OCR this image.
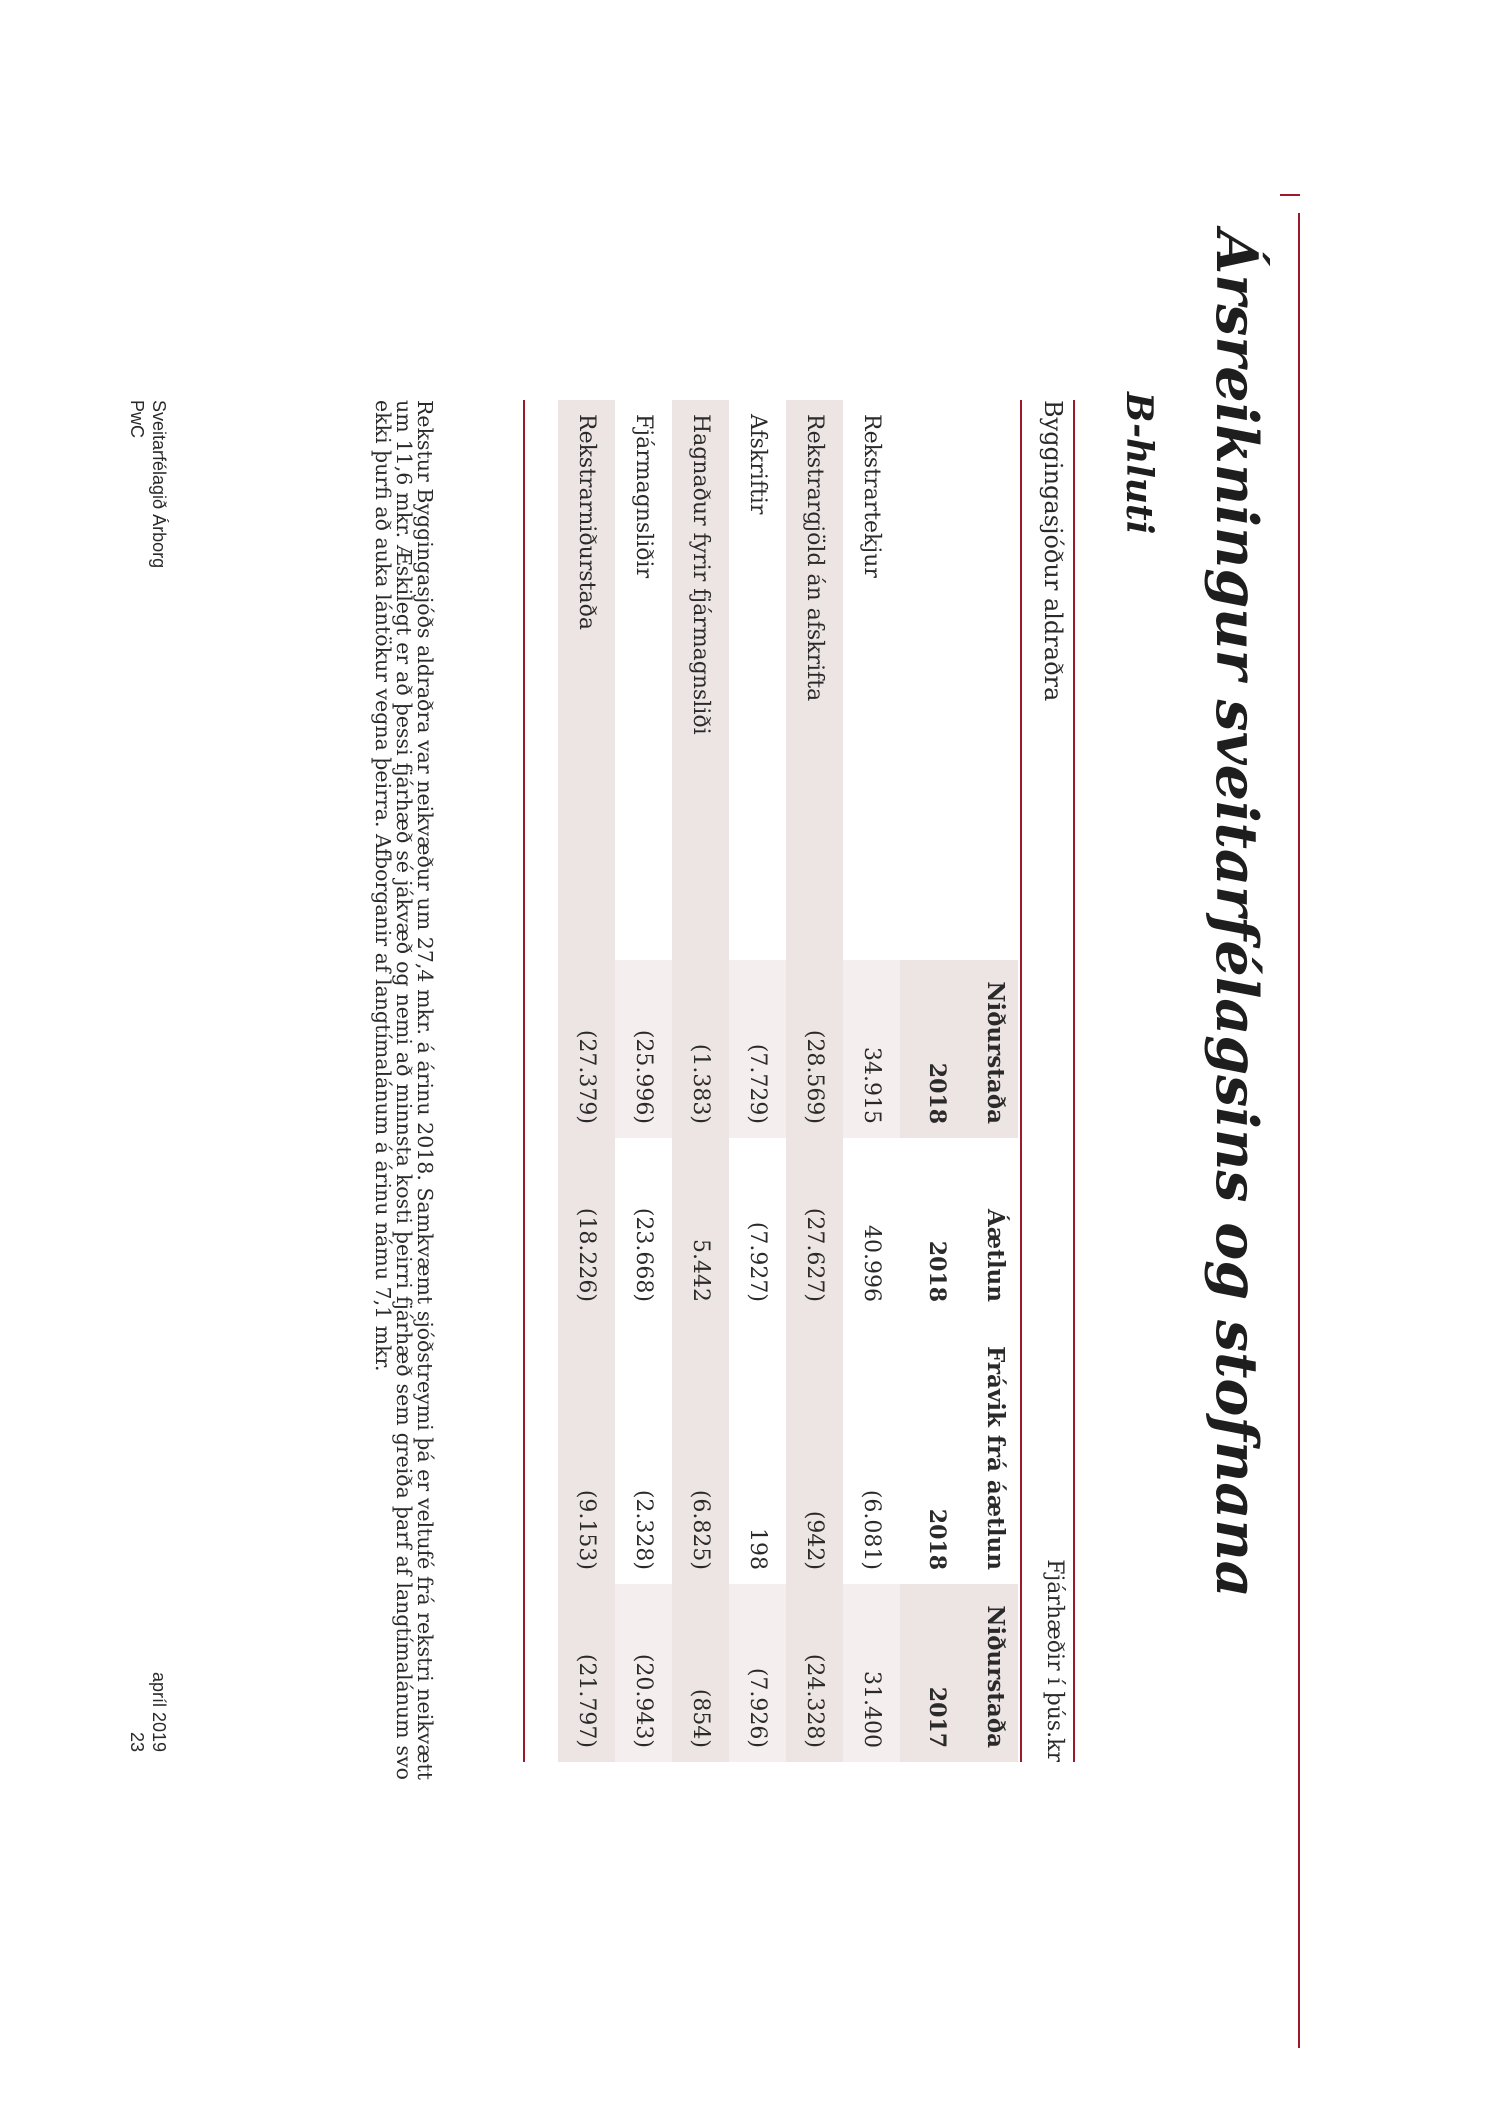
Ársreikningur sveitarfélagsins og stofnana
B-hluti
Byggingasjóður aldraðra
Fjárhæðir í þús.kr
	Niðurstaða	Áætlun	Frávik frá áætlun	Niðurstaða
	2018	2018	2018	2017
Rekstrartekjur	34.915	40.996	(6.081)	31.400
Rekstrargjöld án afskrifta	(28.569)	(27.627)	(942)	(24.328)
Afskriftir	(7.729)	(7.927)	198	(7.926)
Hagnaður fyrir fjármagnsliði	(1.383)	5.442	(6.825)	(854)
Fjármagnsliðir	(25.996)	(23.668)	(2.328)	(20.943)
Rekstrarniðurstaða	(27.379)	(18.226)	(9.153)	(21.797)
Rekstur Byggingasjóðs aldraðra var neikvæður um 27,4 mkr. á árinu 2018. Samkvæmt sjóðstreymi þá er veltufé frá rekstri neikvætt um 11,6 mkr. Æskilegt er að þessi fjárhæð sé jákvæð og nemi að minnsta kosti þeirri fjárhæð sem greiða þarf af langtímalánum svo ekki þurfi að auka lántökur vegna þeirra. Afborganir af langtímalánum á árinu námu 7,1 mkr.
Sveitarfélagið Árborg
PwC
apríl 2019
23
